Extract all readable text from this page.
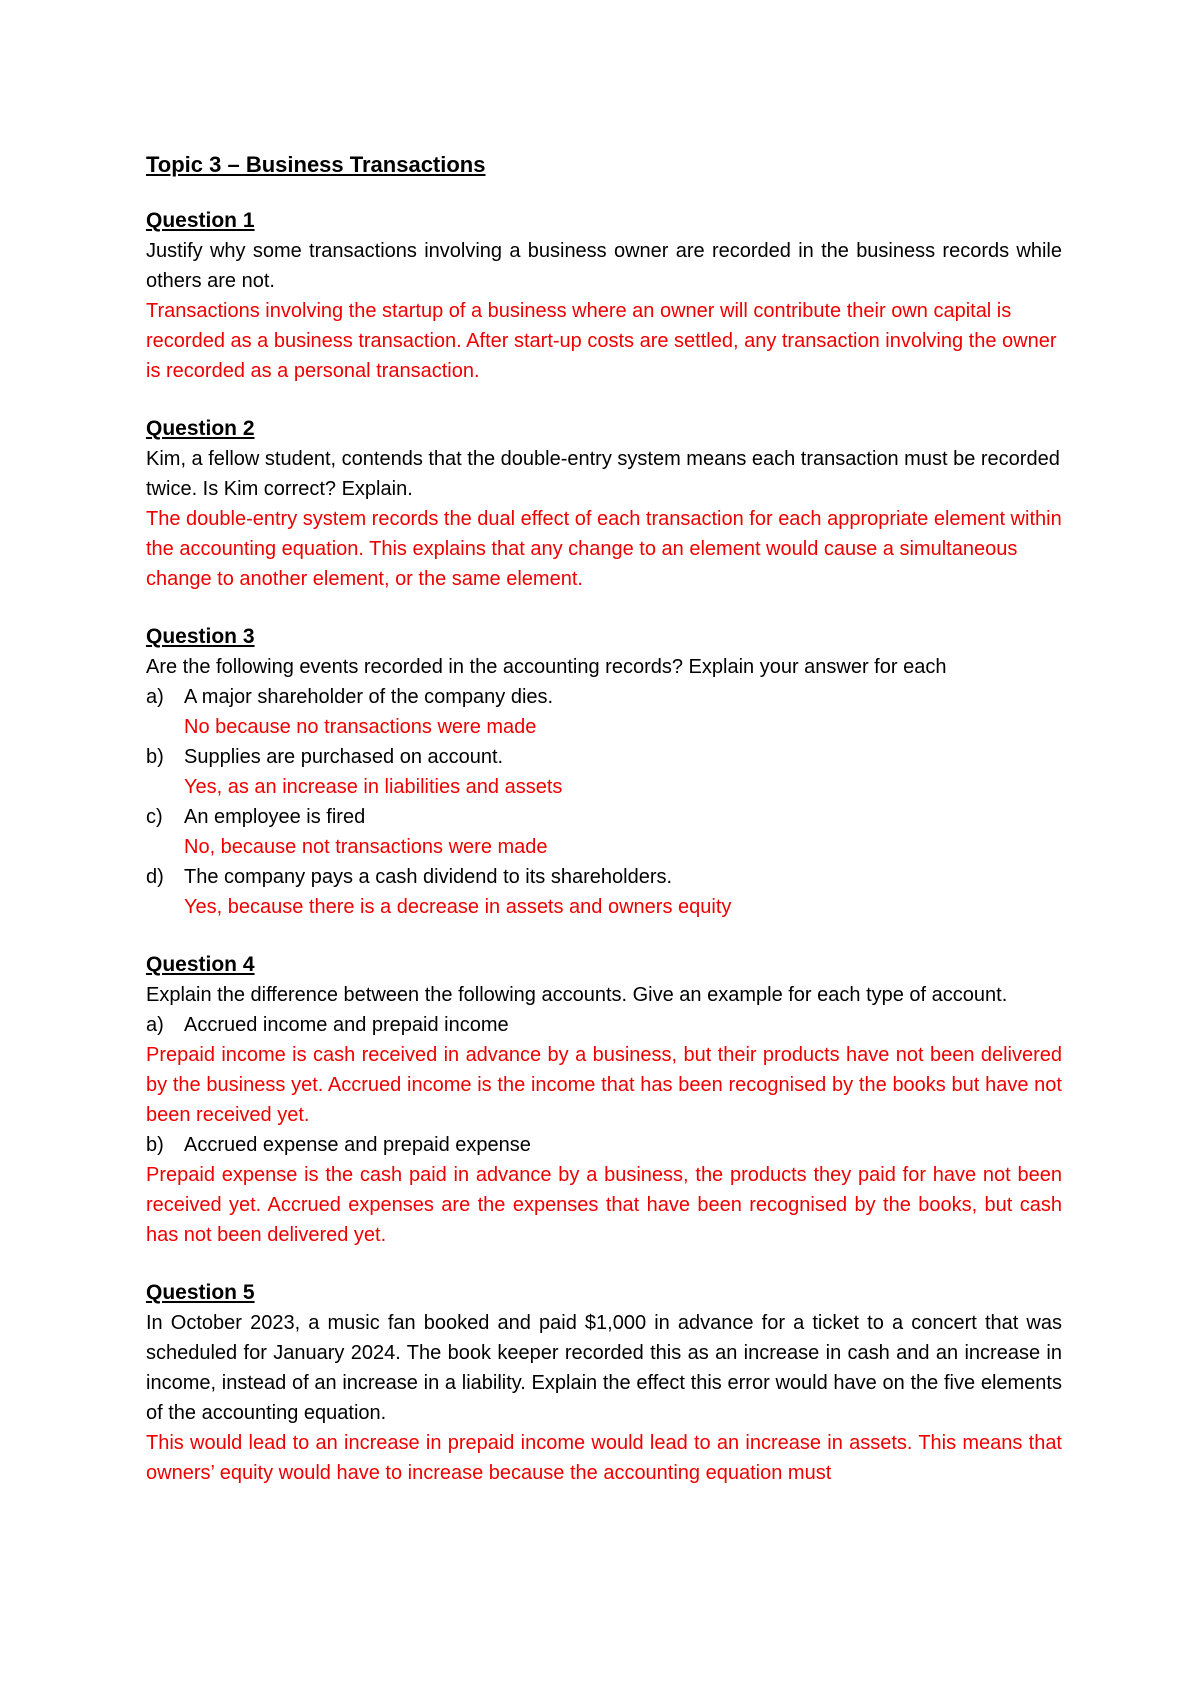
Topic 3 – Business Transactions
Question 1
Justify why some transactions involving a business owner are recorded in the business records while others are not.
Transactions involving the startup of a business where an owner will contribute their own capital is recorded as a business transaction. After start-up costs are settled, any transaction involving the owner is recorded as a personal transaction.
Question 2
Kim, a fellow student, contends that the double-entry system means each transaction must be recorded twice. Is Kim correct? Explain.
The double-entry system records the dual effect of each transaction for each appropriate element within the accounting equation. This explains that any change to an element would cause a simultaneous change to another element, or the same element.
Question 3
Are the following events recorded in the accounting records? Explain your answer for each
a)	A major shareholder of the company dies.
No because no transactions were made
b)	Supplies are purchased on account.
Yes, as an increase in liabilities and assets
c)	An employee is fired
No, because not transactions were made
d)	The company pays a cash dividend to its shareholders.
Yes, because there is a decrease in assets and owners equity
Question 4
Explain the difference between the following accounts. Give an example for each type of account.
a)	Accrued income and prepaid income
Prepaid income is cash received in advance by a business, but their products have not been delivered by the business yet. Accrued income is the income that has been recognised by the books but have not been received yet.
b)	Accrued expense and prepaid expense
Prepaid expense is the cash paid in advance by a business, the products they paid for have not been received yet. Accrued expenses are the expenses that have been recognised by the books, but cash has not been delivered yet.
Question 5
In October 2023, a music fan booked and paid $1,000 in advance for a ticket to a concert that was scheduled for January 2024. The book keeper recorded this as an increase in cash and an increase in income, instead of an increase in a liability. Explain the effect this error would have on the five elements of the accounting equation.
This would lead to an increase in prepaid income would lead to an increase in assets. This means that owners’ equity would have to increase because the accounting equation must
